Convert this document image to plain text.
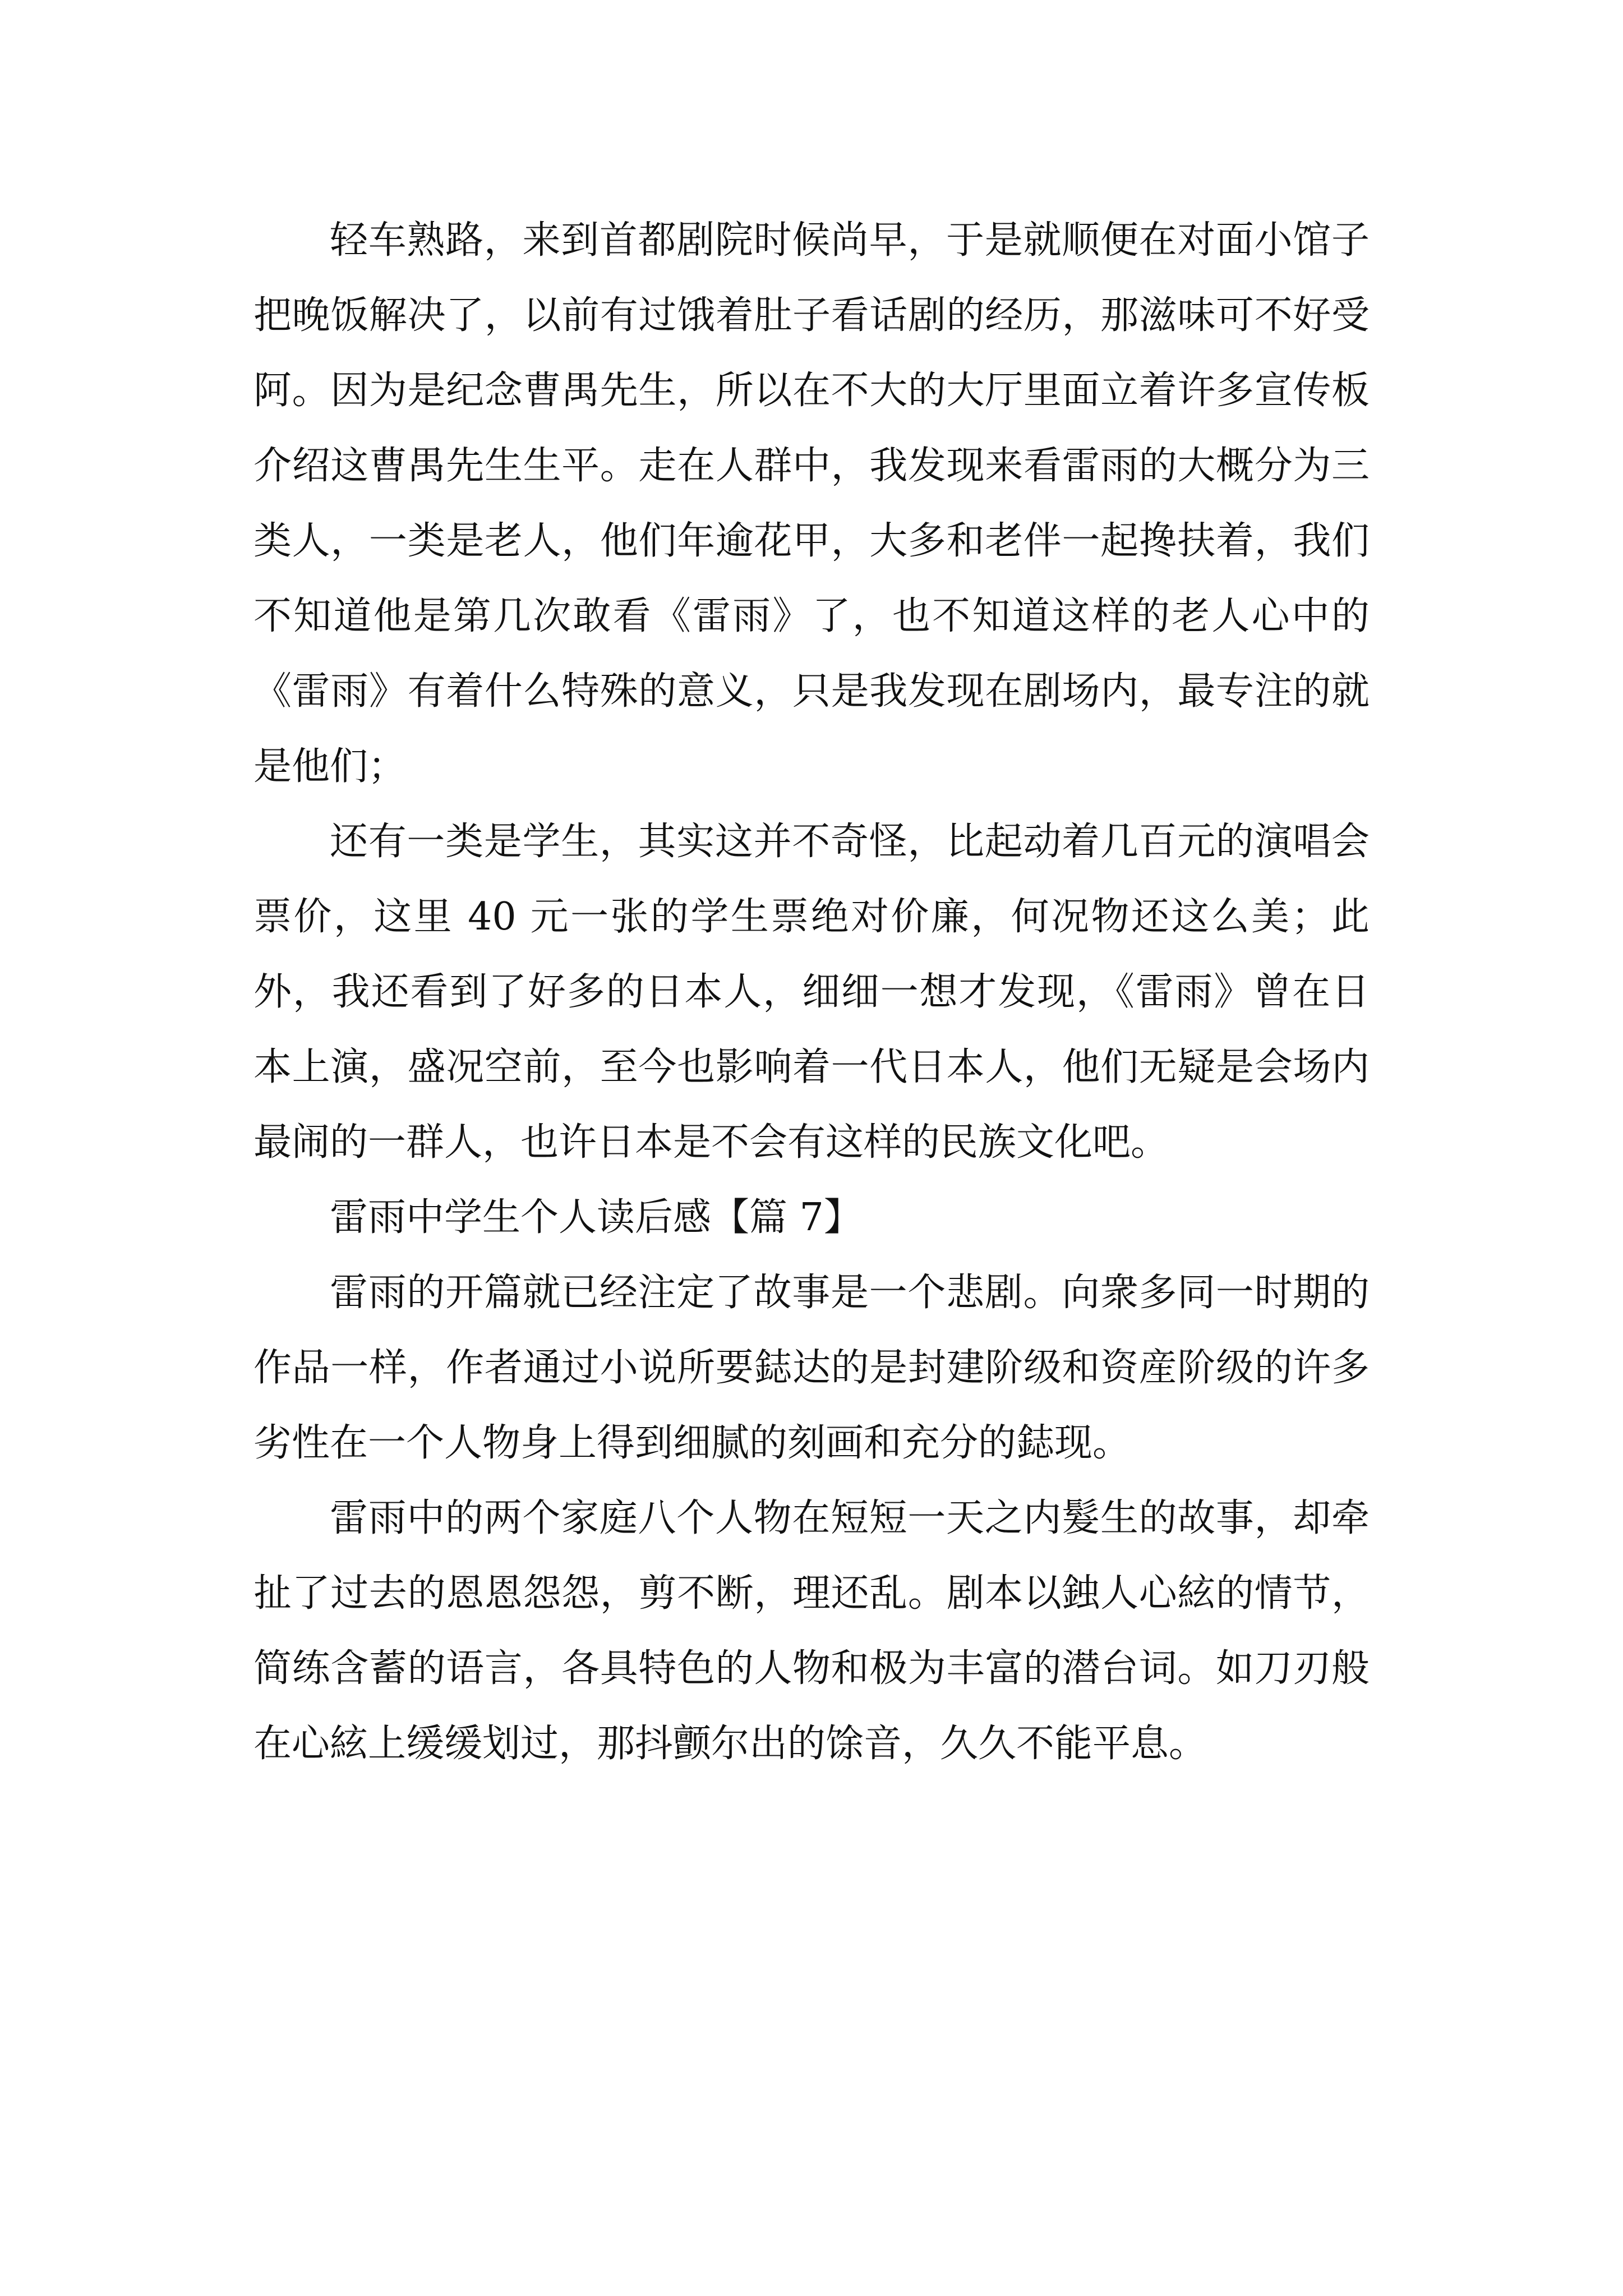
轻车熟路，来到首都剧院时候尚早，于是就顺便在对面小馆子把晚饭解决了，以前有过饿着肚子看话剧的经历，那滋味可不好受阿。因为是纪念曹禺先生，所以在不大的大厅里面立着许多宣传板介绍这曹禺先生生平。走在人群中，我发现来看雷雨的大概分为三类人，一类是老人，他们年逾花甲，大多和老伴一起搀扶着，我们不知道他是第几次敢看《雷雨》了，也不知道这样的老人心中的《雷雨》有着什么特殊的意义，只是我发现在剧场内，最专注的就是他们；

还有一类是学生，其实这并不奇怪，比起动着几百元的演唱会票价，这里 40 元一张的学生票绝对价廉，何况物还这么美；此外，我还看到了好多的日本人，细细一想才发现，《雷雨》曾在日本上演，盛况空前，至今也影响着一代日本人，他们无疑是会场内最闹的一群人，也许日本是不会有这样的民族文化吧。

雷雨中学生个人读后感【篇 7】

雷雨的开篇就已经注定了故事是一个悲剧。向衆多同一时期的作品一样，作者通过小说所要鋕达的是封建阶级和资産阶级的许多劣性在一个人物身上得到细腻的刻画和充分的鋕现。

雷雨中的两个家庭八个人物在短短一天之内髮生的故事，却牵扯了过去的恩恩怨怨，剪不断，理还乱。剧本以鉵人心絃的情节，简练含蓄的语言，各具特色的人物和极为丰富的潜台词。如刀刃般在心絃上缓缓划过，那抖颤尔出的馀音，久久不能平息。
